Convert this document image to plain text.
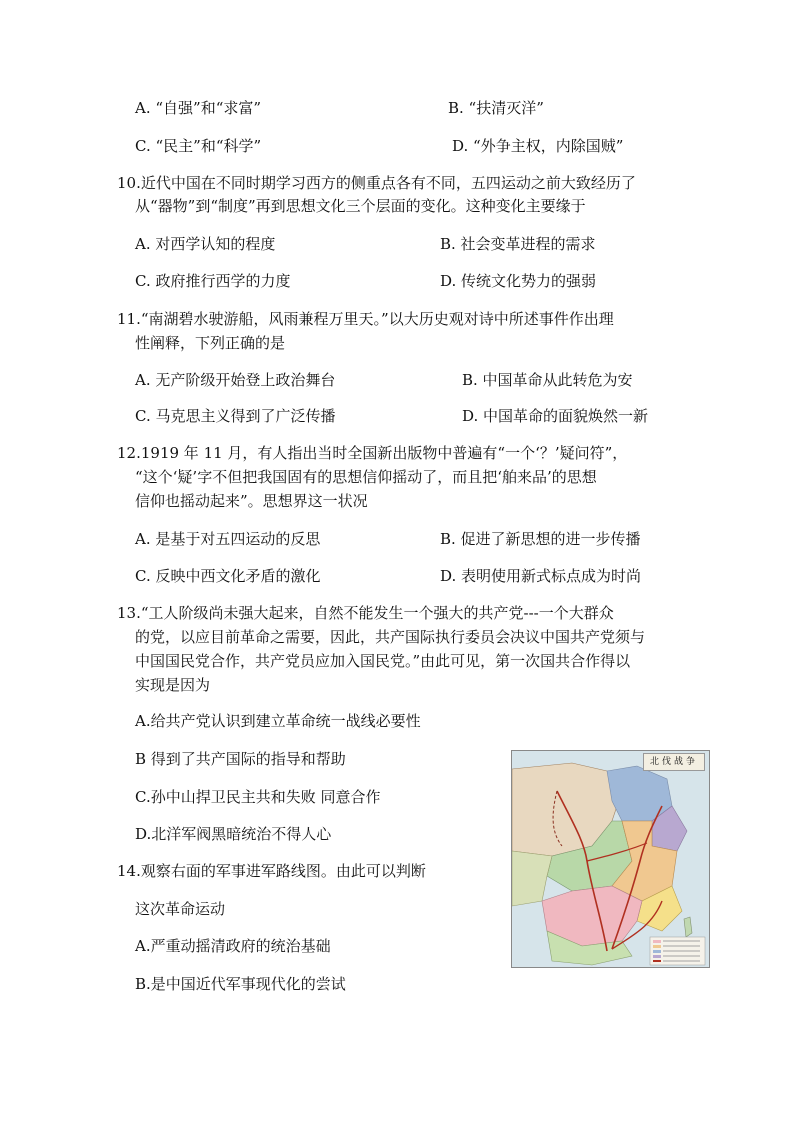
A. “自强”和“求富”	B. “扶清灭洋”
C. “民主”和“科学”	D. “外争主权，内除国贼”
10.近代中国在不同时期学习西方的侧重点各有不同，五四运动之前大致经历了
从“器物”到“制度”再到思想文化三个层面的变化。这种变化主要缘于
A. 对西学认知的程度	B. 社会变革进程的需求
C. 政府推行西学的力度	D. 传统文化势力的强弱
11.“南湖碧水驶游船，风雨兼程万里天。”以大历史观对诗中所述事件作出理
性阐释，下列正确的是
A. 无产阶级开始登上政治舞台	B. 中国革命从此转危为安
C. 马克思主义得到了广泛传播	D. 中国革命的面貌焕然一新
12.1919 年 11 月，有人指出当时全国新出版物中普遍有“一个‘？’疑问符”，
“这个‘疑’字不但把我国固有的思想信仰摇动了，而且把‘舶来品’的思想
信仰也摇动起来”。思想界这一状况
A. 是基于对五四运动的反思	B. 促进了新思想的进一步传播
C. 反映中西文化矛盾的激化	D. 表明使用新式标点成为时尚
13.“工人阶级尚未强大起来，自然不能发生一个强大的共产党---一个大群众
的党，以应目前革命之需要，因此，共产国际执行委员会决议中国共产党须与
中国国民党合作，共产党员应加入国民党。”由此可见，第一次国共合作得以
实现是因为
A.给共产党认识到建立革命统一战线必要性
B 得到了共产国际的指导和帮助
C.孙中山捍卫民主共和失败 同意合作
D.北洋军阀黑暗统治不得人心
14.观察右面的军事进军路线图。由此可以判断
这次革命运动
A.严重动摇清政府的统治基础
B.是中国近代军事现代化的尝试
北伐战争
